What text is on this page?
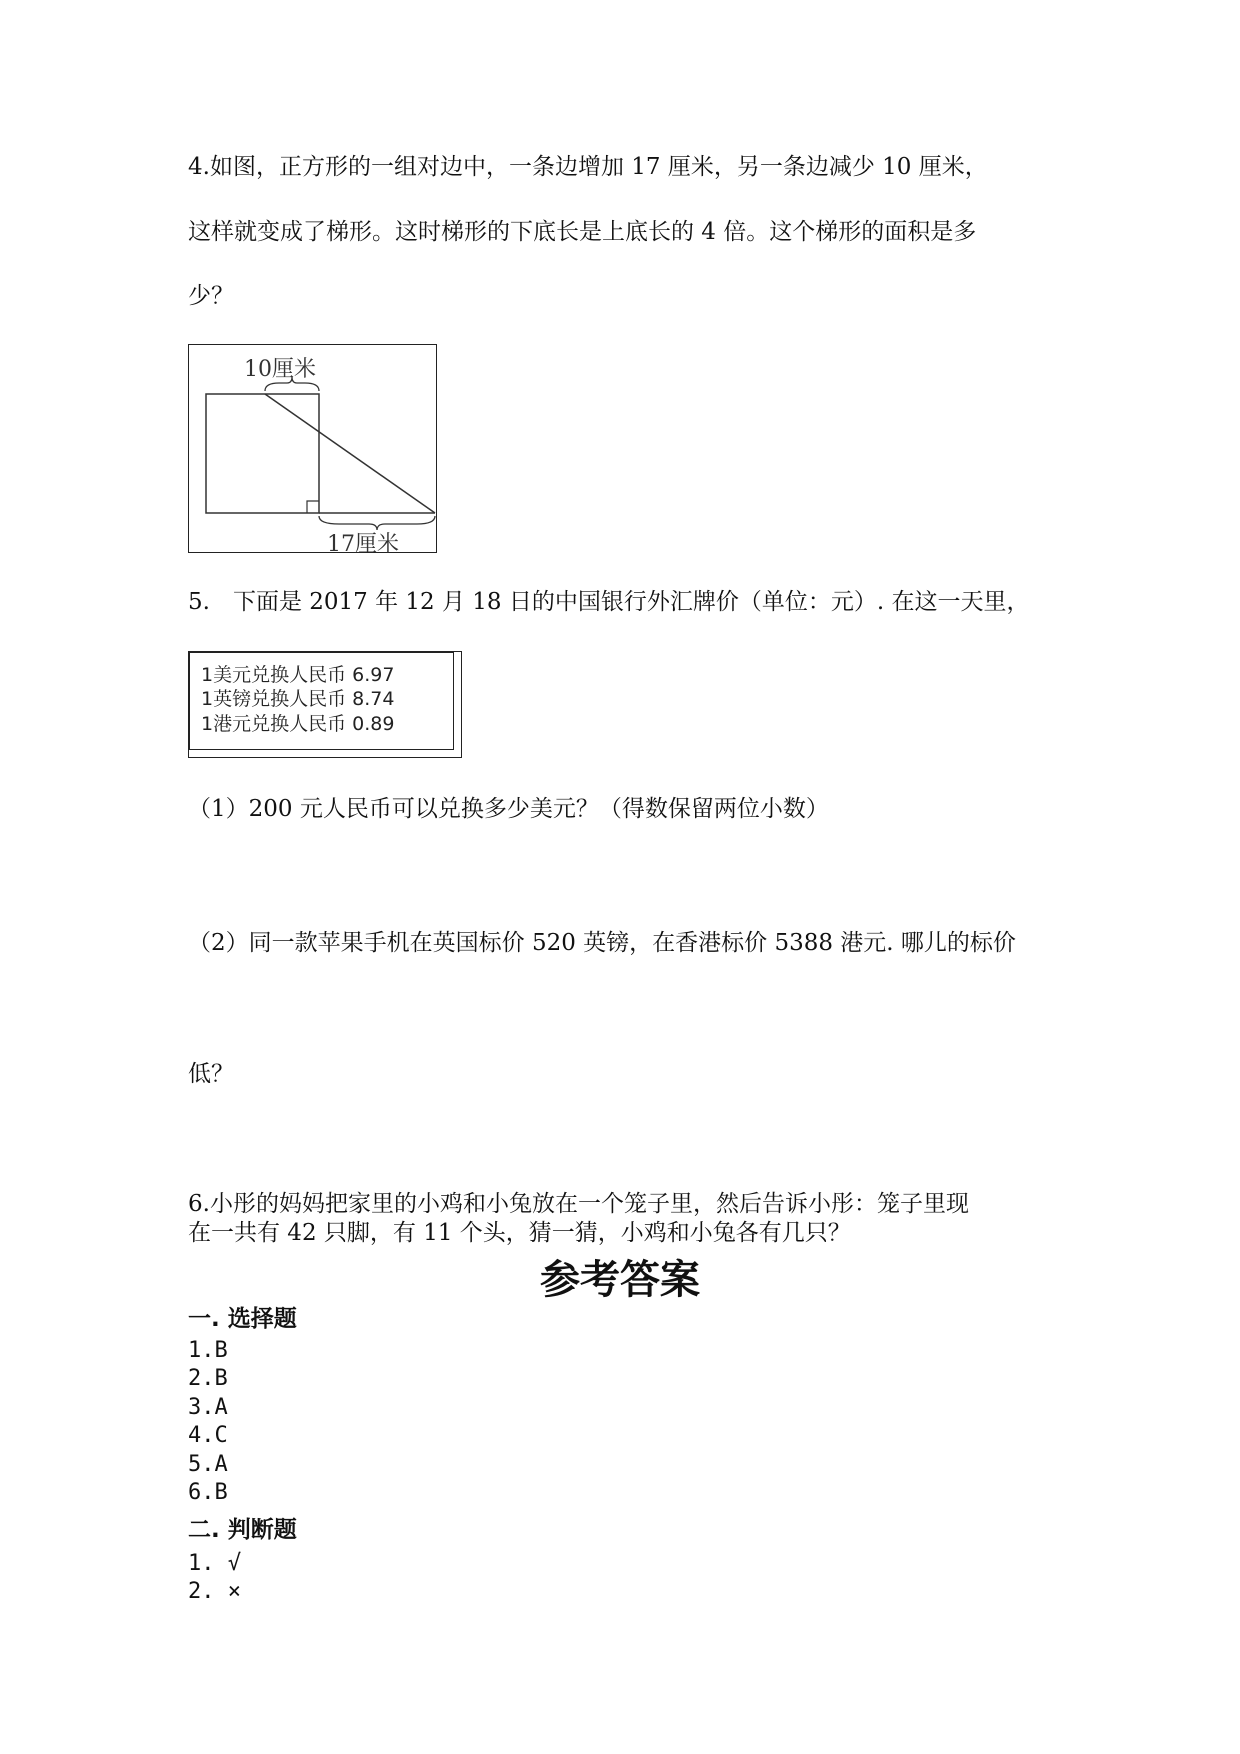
4.如图，正方形的一组对边中，一条边增加 17 厘米，另一条边减少 10 厘米，
这样就变成了梯形。这时梯形的下底长是上底长的 4 倍。这个梯形的面积是多
少？
10厘米
17厘米
5.　下面是 2017 年 12 月 18 日的中国银行外汇牌价（单位：元）. 在这一天里，
1美元兑换人民币 6.97
1英镑兑换人民币 8.74
1港元兑换人民币 0.89
（1）200 元人民币可以兑换多少美元？（得数保留两位小数）
（2）同一款苹果手机在英国标价 520 英镑，在香港标价 5388 港元. 哪儿的标价
低？
6.小彤的妈妈把家里的小鸡和小兔放在一个笼子里，然后告诉小彤：笼子里现
在一共有 42 只脚，有 11 个头，猜一猜，小鸡和小兔各有几只？
参考答案
一. 选择题
1.B
2.B
3.A
4.C
5.A
6.B
二. 判断题
1. √
2. ×
